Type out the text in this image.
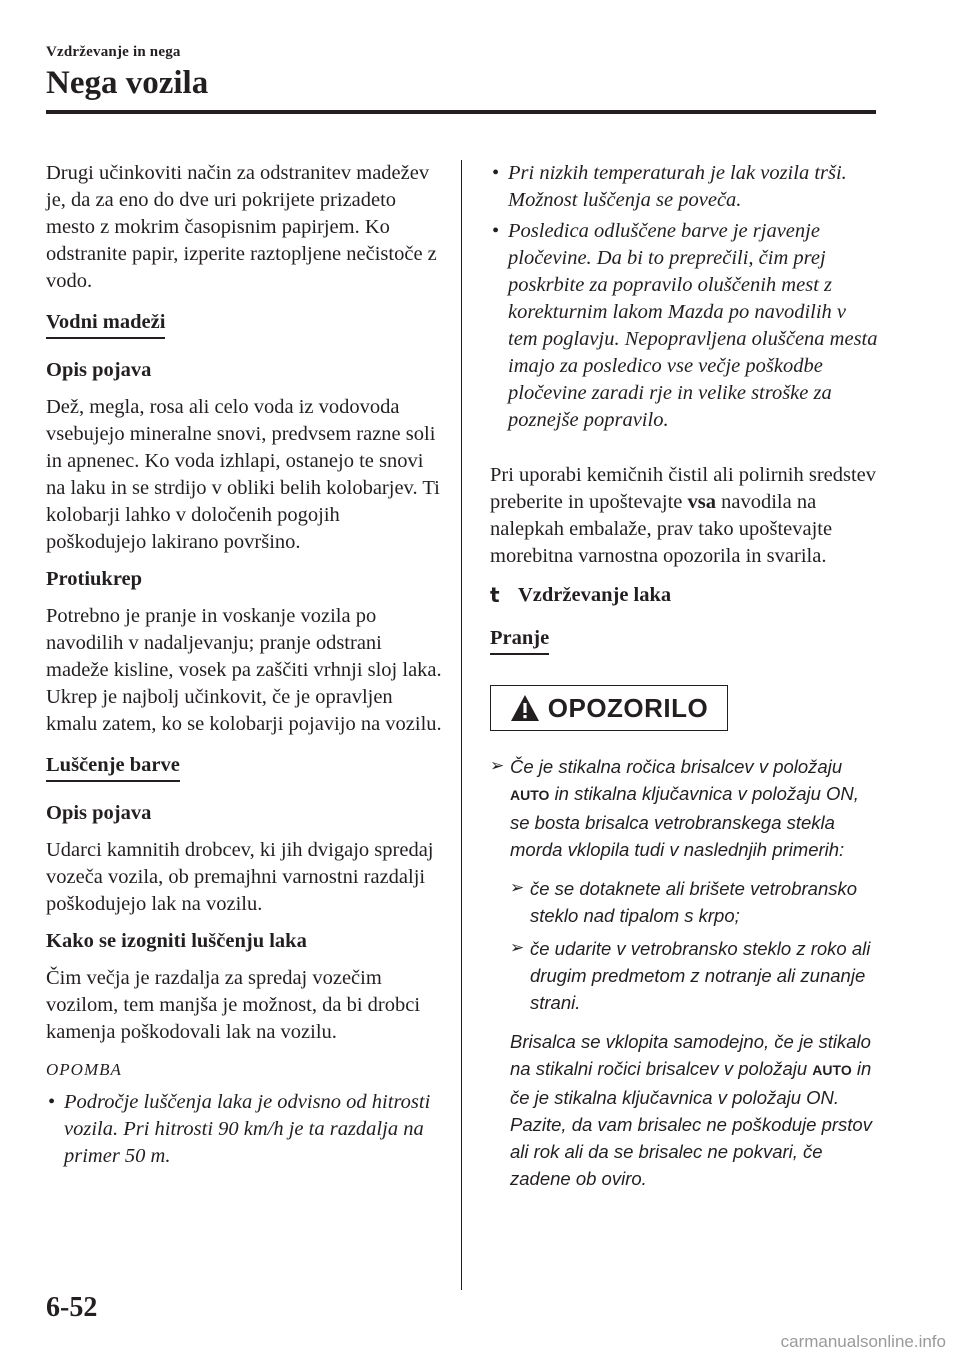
Vzdrževanje in nega
Nega vozila

Drugi učinkoviti način za odstranitev madežev je, da za eno do dve uri pokrijete prizadeto mesto z mokrim časopisnim papirjem. Ko odstranite papir, izperite raztopljene nečistoče z vodo.

Vodni madeži
Opis pojava

Dež, megla, rosa ali celo voda iz vodovoda vsebujejo mineralne snovi, predvsem razne soli in apnenec. Ko voda izhlapi, ostanejo te snovi na laku in se strdijo v obliki belih kolobarjev. Ti kolobarji lahko v določenih pogojih poškodujejo lakirano površino.

Protiukrep

Potrebno je pranje in voskanje vozila po navodilih v nadaljevanju; pranje odstrani madeže kisline, vosek pa zaščiti vrhnji sloj laka. Ukrep je najbolj učinkovit, če je opravljen kmalu zatem, ko se kolobarji pojavijo na vozilu.

Luščenje barve
Opis pojava

Udarci kamnitih drobcev, ki jih dvigajo spredaj vozeča vozila, ob premajhni varnostni razdalji poškodujejo lak na vozilu.

Kako se izogniti luščenju laka

Čim večja je razdalja za spredaj vozečim vozilom, tem manjša je možnost, da bi drobci kamenja poškodovali lak na vozilu.

OPOMBA
• Področje luščenja laka je odvisno od hitrosti vozila. Pri hitrosti 90 km/h je ta razdalja na primer 50 m.
• Pri nizkih temperaturah je lak vozila trši. Možnost luščenja se poveča.
• Posledica odluščene barve je rjavenje pločevine. Da bi to preprečili, čim prej poskrbite za popravilo oluščenih mest z korekturnim lakom Mazda po navodilih v tem poglavju. Nepopravljena oluščena mesta imajo za posledico vse večje poškodbe pločevine zaradi rje in velike stroške za poznejše popravilo.

Pri uporabi kemičnih čistil ali polirnih sredstev preberite in upoštevajte vsa navodila na nalepkah embalaže, prav tako upoštevajte morebitna varnostna opozorila in svarila.

t Vzdrževanje laka
Pranje
OPOZORILO
➢ Če je stikalna ročica brisalcev v položaju AUTO in stikalna ključavnica v položaju ON, se bosta brisalca vetrobranskega stekla morda vklopila tudi v naslednjih primerih:
➢ če se dotaknete ali brišete vetrobransko steklo nad tipalom s krpo;
➢ če udarite v vetrobransko steklo z roko ali drugim predmetom z notranje ali zunanje strani.
Brisalca se vklopita samodejno, če je stikalo na stikalni ročici brisalcev v položaju AUTO in če je stikalna ključavnica v položaju ON. Pazite, da vam brisalec ne poškoduje prstov ali rok ali da se brisalec ne pokvari, če zadene ob oviro.
6-52
carmanualsonline.info
